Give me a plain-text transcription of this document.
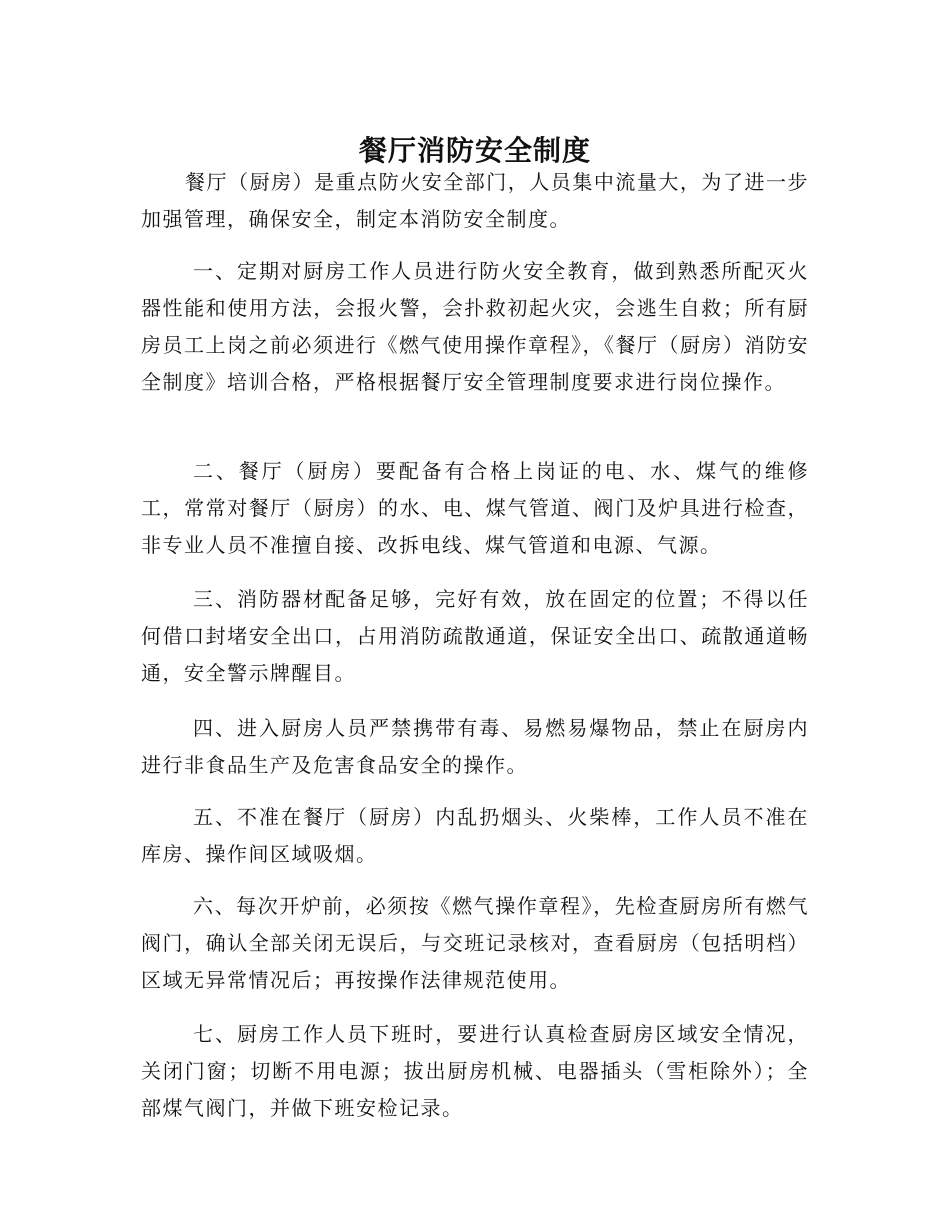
餐厅消防安全制度

餐厅（厨房）是重点防火安全部门，人员集中流量大，为了进一步加强管理，确保安全，制定本消防安全制度。

一、定期对厨房工作人员进行防火安全教育，做到熟悉所配灭火器性能和使用方法，会报火警，会扑救初起火灾，会逃生自救；所有厨房员工上岗之前必须进行《燃气使用操作章程》，《餐厅（厨房）消防安全制度》培训合格，严格根据餐厅安全管理制度要求进行岗位操作。

二、餐厅（厨房）要配备有合格上岗证的电、水、煤气的维修工，常常对餐厅（厨房）的水、电、煤气管道、阀门及炉具进行检查，非专业人员不准擅自接、改拆电线、煤气管道和电源、气源。

三、消防器材配备足够，完好有效，放在固定的位置；不得以任何借口封堵安全出口，占用消防疏散通道，保证安全出口、疏散通道畅通，安全警示牌醒目。

四、进入厨房人员严禁携带有毒、易燃易爆物品，禁止在厨房内进行非食品生产及危害食品安全的操作。

五、不准在餐厅（厨房）内乱扔烟头、火柴棒，工作人员不准在库房、操作间区域吸烟。

六、每次开炉前，必须按《燃气操作章程》，先检查厨房所有燃气阀门，确认全部关闭无误后，与交班记录核对，查看厨房（包括明档）区域无异常情况后；再按操作法律规范使用。

七、厨房工作人员下班时，要进行认真检查厨房区域安全情况，关闭门窗；切断不用电源；拔出厨房机械、电器插头（雪柜除外）；全部煤气阀门，并做下班安检记录。
